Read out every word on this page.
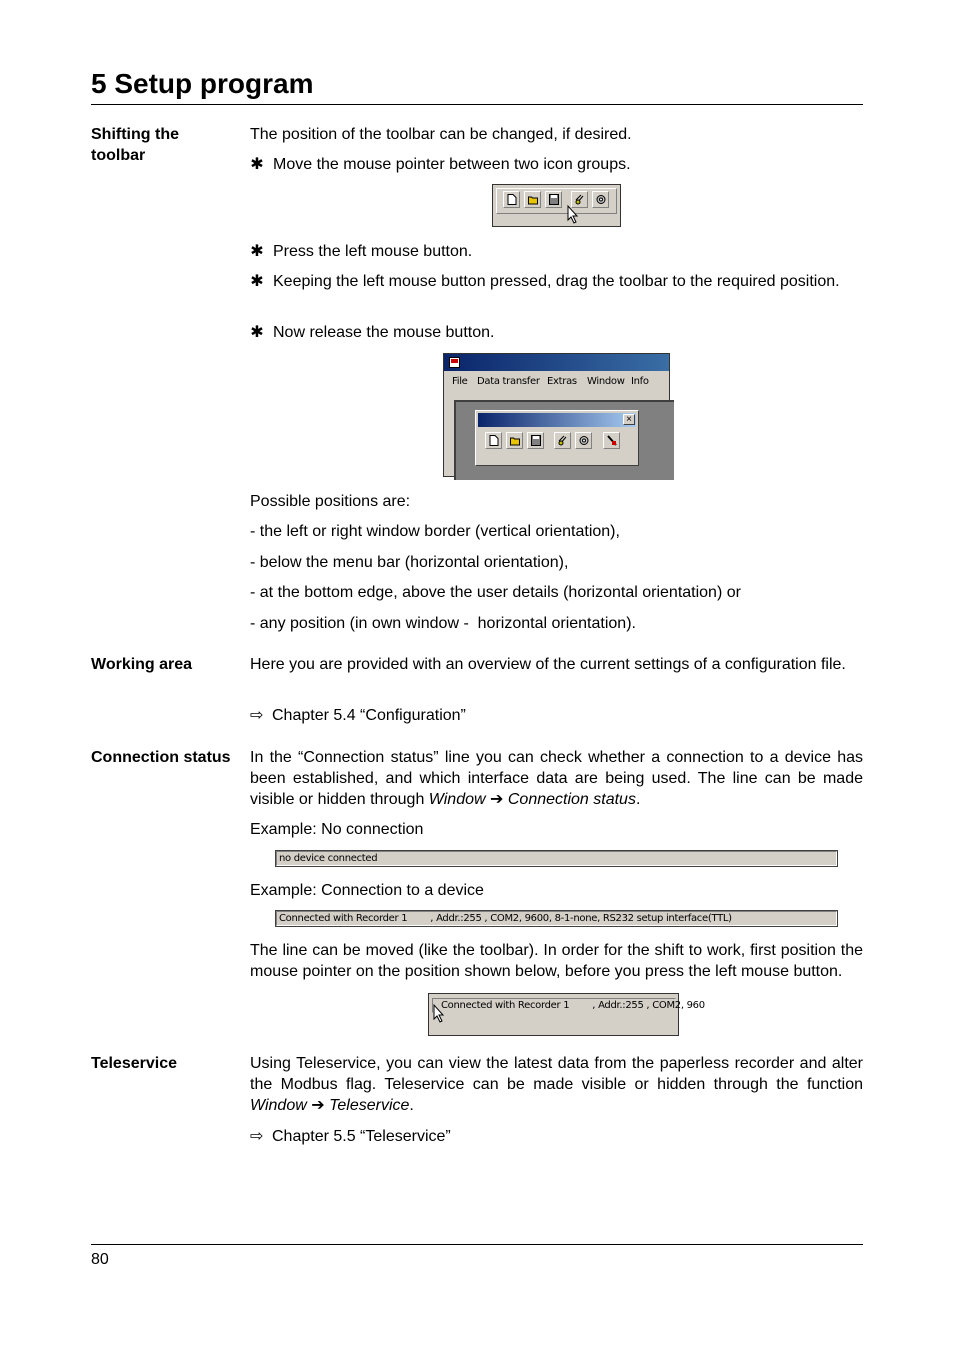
5 Setup program
Shifting the toolbar
The position of the toolbar can be changed, if desired.
✱ Move the mouse pointer between two icon groups.
✱ Press the left mouse button.
✱ Keeping the left mouse button pressed, drag the toolbar to the required position.
✱ Now release the mouse button.
File Data transfer Extras Window Info
×
Possible positions are:
- the left or right window border (vertical orientation),
- below the menu bar (horizontal orientation),
- at the bottom edge, above the user details (horizontal orientation) or
- any position (in own window -  horizontal orientation).
Working area	Here you are provided with an overview of the current settings of a configuration file.
⇨ Chapter 5.4 “Configuration”
Connection status In the “Connection status” line you can check whether a connection to a device has been established, and which interface data are being used. The line can be made visible or hidden through Window ➔ Connection status.
Example: No connection
no device connected
Example: Connection to a device
Connected with Recorder 1        , Addr.:255 , COM2, 9600, 8-1-none, RS232 setup interface(TTL)
The line can be moved (like the toolbar). In order for the shift to work, first position the mouse pointer on the position shown below, before you press the left mouse button.
Connected with Recorder 1        , Addr.:255 , COM2, 960
Teleservice	Using Teleservice, you can view the latest data from the paperless recorder and alter the Modbus flag. Teleservice can be made visible or hidden through the function Window ➔ Teleservice.
⇨ Chapter 5.5 “Teleservice”
80
